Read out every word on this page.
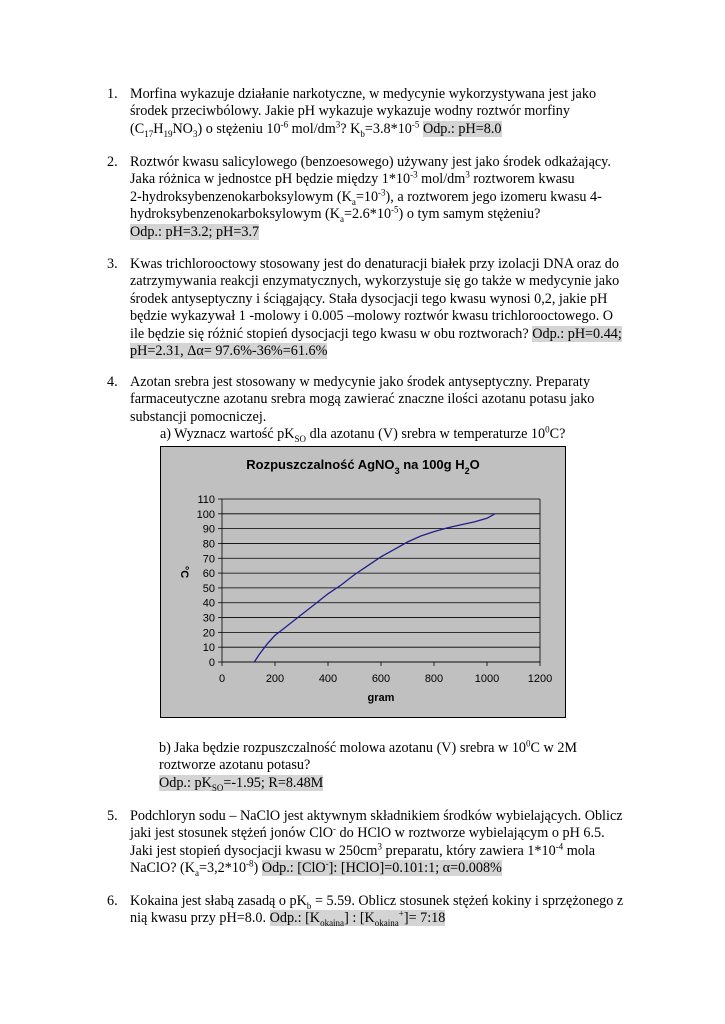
1. Morfina wykazuje działanie narkotyczne, w medycynie wykorzystywana jest jako
środek przeciwbólowy. Jakie pH wykazuje wykazuje wodny roztwór morfiny
$(C_{17}H_{19}NO_3)$ o stężeniu $10^{-6}$ mol/$dm^3$? $K_b=3.8*10^{-5}$ Odp.: pH=8.0
2. Roztwór kwasu salicylowego (benzoesowego) używany jest jako środek odkażający.
Jaka różnica w jednostce pH będzie między $1*10^{-3}$ mol/$dm^3$ roztworem kwasu
2-hydroksybenzenokarboksylowym $(K_a=10^{-3})$, a roztworem jego izomeru kwasu 4-
hydroksybenzenokarboksylowym $(K_a=2.6*10^{-5})$ o tym samym stężeniu?
Odp.: pH=3.2; pH=3.7
3. Kwas trichlorooctowy stosowany jest do denaturacji białek przy izolacji DNA oraz do
zatrzymywania reakcji enzymatycznych, wykorzystuje się go także w medycynie jako
środek antyseptyczny i ściągający. Stała dysocjacji tego kwasu wynosi 0,2, jakie pH
będzie wykazywał 1 -molowy i 0.005 –molowy roztwór kwasu trichlorooctowego. O
ile będzie się różnić stopień dysocjacji tego kwasu w obu roztworach? Odp.: pH=0.44;
pH=2.31, Δα= 97.6%-36%=61.6%
4. Azotan srebra jest stosowany w medycynie jako środek antyseptyczny. Preparaty
farmaceutyczne azotanu srebra mogą zawierać znaczne ilości azotanu potasu jako
substancji pomocniczej.
a) Wyznacz wartość $pK_{SO}$ dla azotanu (V) srebra w temperaturze $10^0C$?
Rozpuszczalność AgNO$_3$ na 100g $H_2O$
0
10
20
30
40
50
60
70
80
90
100
110
0	200	400	600	800	1000	1200
°C
gram
b) Jaka będzie rozpuszczalność molowa azotanu (V) srebra w $10^0C$ w 2M
roztworze azotanu potasu?
Odp.: $pK_{SO}=-1.95$; R=8.48M
5. Podchloryn sodu – NaClO jest aktywnym składnikiem środków wybielających. Oblicz
jaki jest stosunek stężeń jonów ClO- do HClO w roztworze wybielającym o pH 6.5.
Jaki jest stopień dysocjacji kwasu w $250cm^3$ preparatu, który zawiera $1*10^{-4}$ mola
NaClO? $(K_a=3,2*10^{-8})$ Odp.: [ClO-]: [HClO]=0.101:1; α=0.008%
6. Kokaina jest słabą zasadą o $pK_b = 5.59$. Oblicz stosunek stężeń kokiny i sprzężonego z
nią kwasu przy pH=8.0. Odp.: $[K_{okaina}]$ : $[K_{okaina}^+]=$ 7:18
